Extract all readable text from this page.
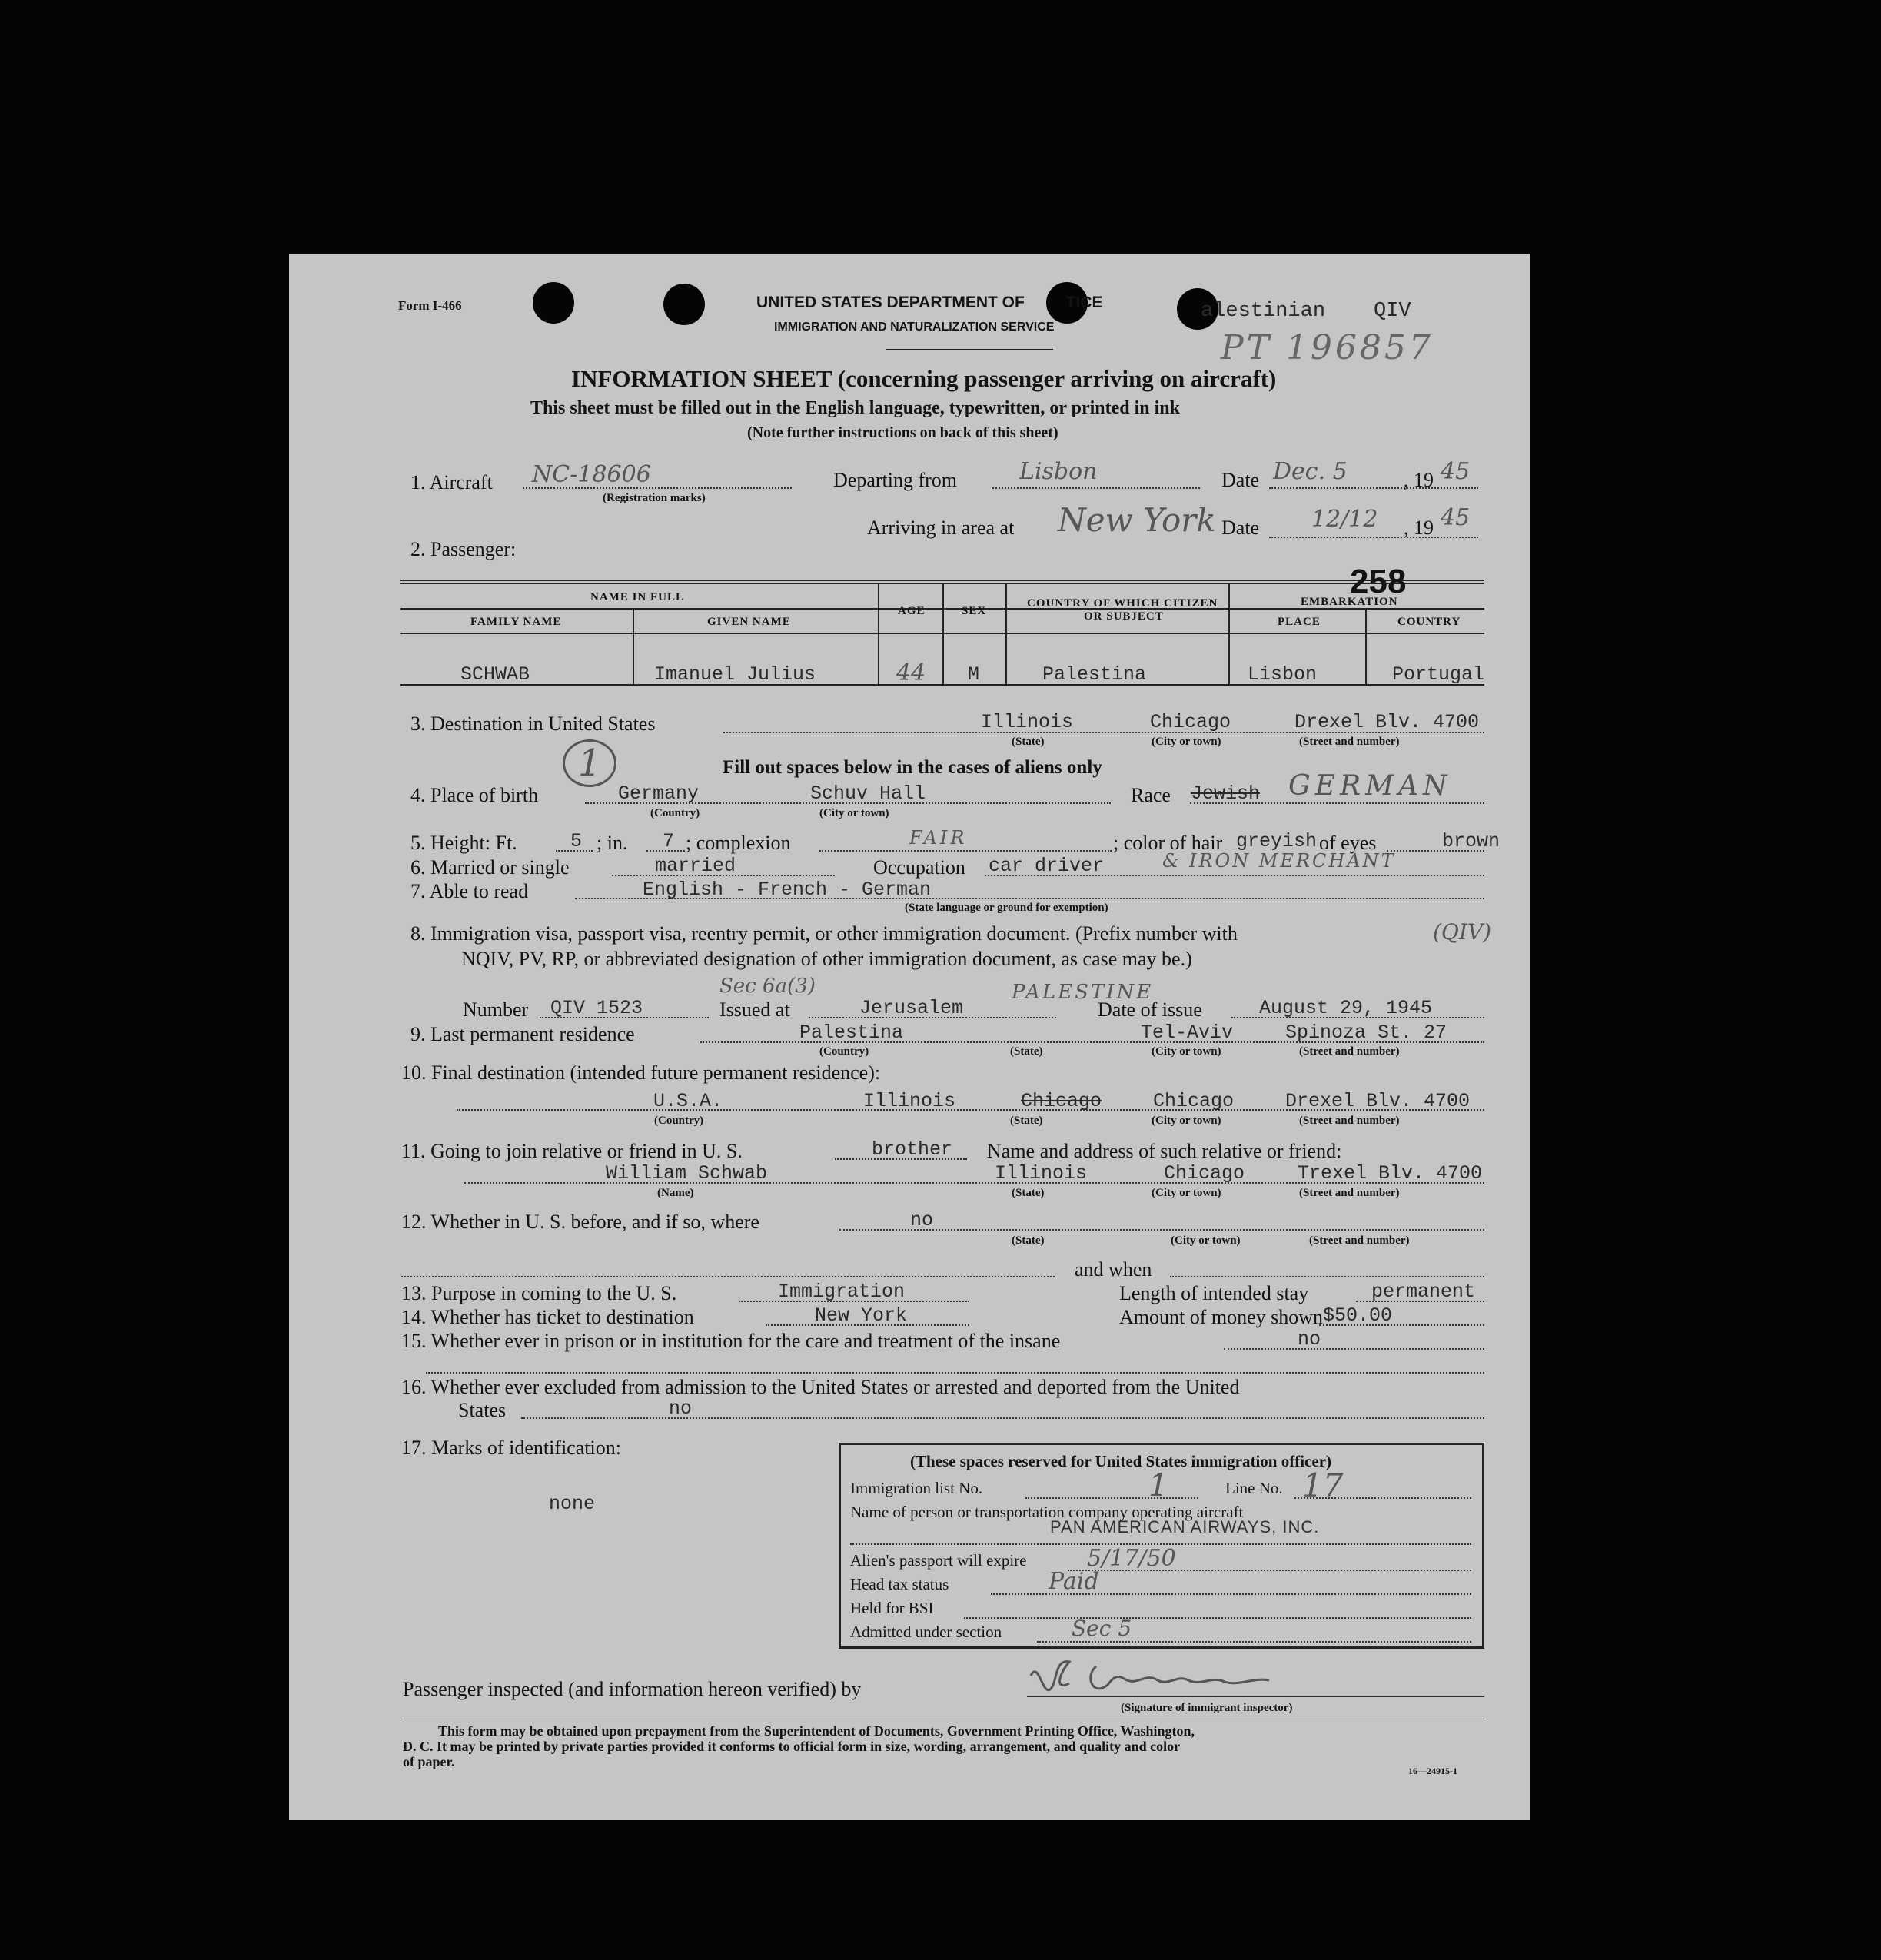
Form I-466	UNITED STATES DEPARTMENT OF	TICE
IMMIGRATION AND NATURALIZATION SERVICE
alestinian QIV
PT 196857
INFORMATION SHEET (concerning passenger arriving on aircraft)
This sheet must be filled out in the English language, typewritten, or printed in ink
(Note further instructions on back of this sheet)
1. Aircraft NC-18606
(Registration marks)
Departing from	Lisbon	Date Dec. 5	, 19 45
Arriving in area at New York Date 12/12 , 19 45
2. Passenger:
NAME IN FULL
FAMILY NAME	GIVEN NAME
AGE	SEX
COUNTRY OF WHICH CITIZEN
OR SUBJECT
EMBARKATION
258
PLACE	COUNTRY
SCHWAB	Imanuel Julius	44 M	Palestina	Lisbon	Portugal
3. Destination in United States	Illinois	Chicago	Drexel Blv. 4700
(State)	(City or town)	(Street and number)
1	Fill out spaces below in the cases of aliens only
4. Place of birth	Germany	Schuv Hall
(Country)	(City or town)
Race Jewish GERMAN
5. Height: Ft.	5 ; in. 7 ; complexion	FAIR	; color of hair greyish of eyes	brown
6. Married or single	married	Occupation car driver	& IRON MERCHANT
7. Able to read	English - French - German
(State language or ground for exemption)
8. Immigration visa, passport visa, reentry permit, or other immigration document. (Prefix number with	(QIV)
NQIV, PV, RP, or abbreviated designation of other immigration document, as case may be.)
Sec 6a(3)	PALESTINE
Number QIV 1523	Issued at	Jerusalem	Date of issue	August 29, 1945
9. Last permanent residence	Palestina	Tel-Aviv	Spinoza St. 27
(Country)	(State)	(City or town)	(Street and number)
10. Final destination (intended future permanent residence):
U.S.A.	Illinois	Chicago	Chicago	Drexel Blv. 4700
(Country)	(State)	(City or town)	(Street and number)
11. Going to join relative or friend in U. S.	brother Name and address of such relative or friend:
William Schwab	Illinois	Chicago	Trexel Blv. 4700
(Name)	(State)	(City or town)	(Street and number)
12. Whether in U. S. before, and if so, where	no
(State)	(City or town)	(Street and number)
and when
13. Purpose in coming to the U. S.	Immigration	Length of intended stay	permanent
14. Whether has ticket to destination	New York	Amount of money shown $50.00
15. Whether ever in prison or in institution for the care and treatment of the insane	no
16. Whether ever excluded from admission to the United States or arrested and deported from the United
States	no
17. Marks of identification:
none
(These spaces reserved for United States immigration officer)
Immigration list No.	1	Line No. 17
Name of person or transportation company operating aircraft
PAN AMERICAN AIRWAYS, INC.
Alien's passport will expire	5/17/50
Head tax status	Paid
Held for BSI
Admitted under section	Sec 5
Passenger inspected (and information hereon verified) by
(Signature of immigrant inspector)
This form may be obtained upon prepayment from the Superintendent of Documents, Government Printing Office, Washington,
D. C. It may be printed by private parties provided it conforms to official form in size, wording, arrangement, and quality and color
of paper.
16—24915-1
